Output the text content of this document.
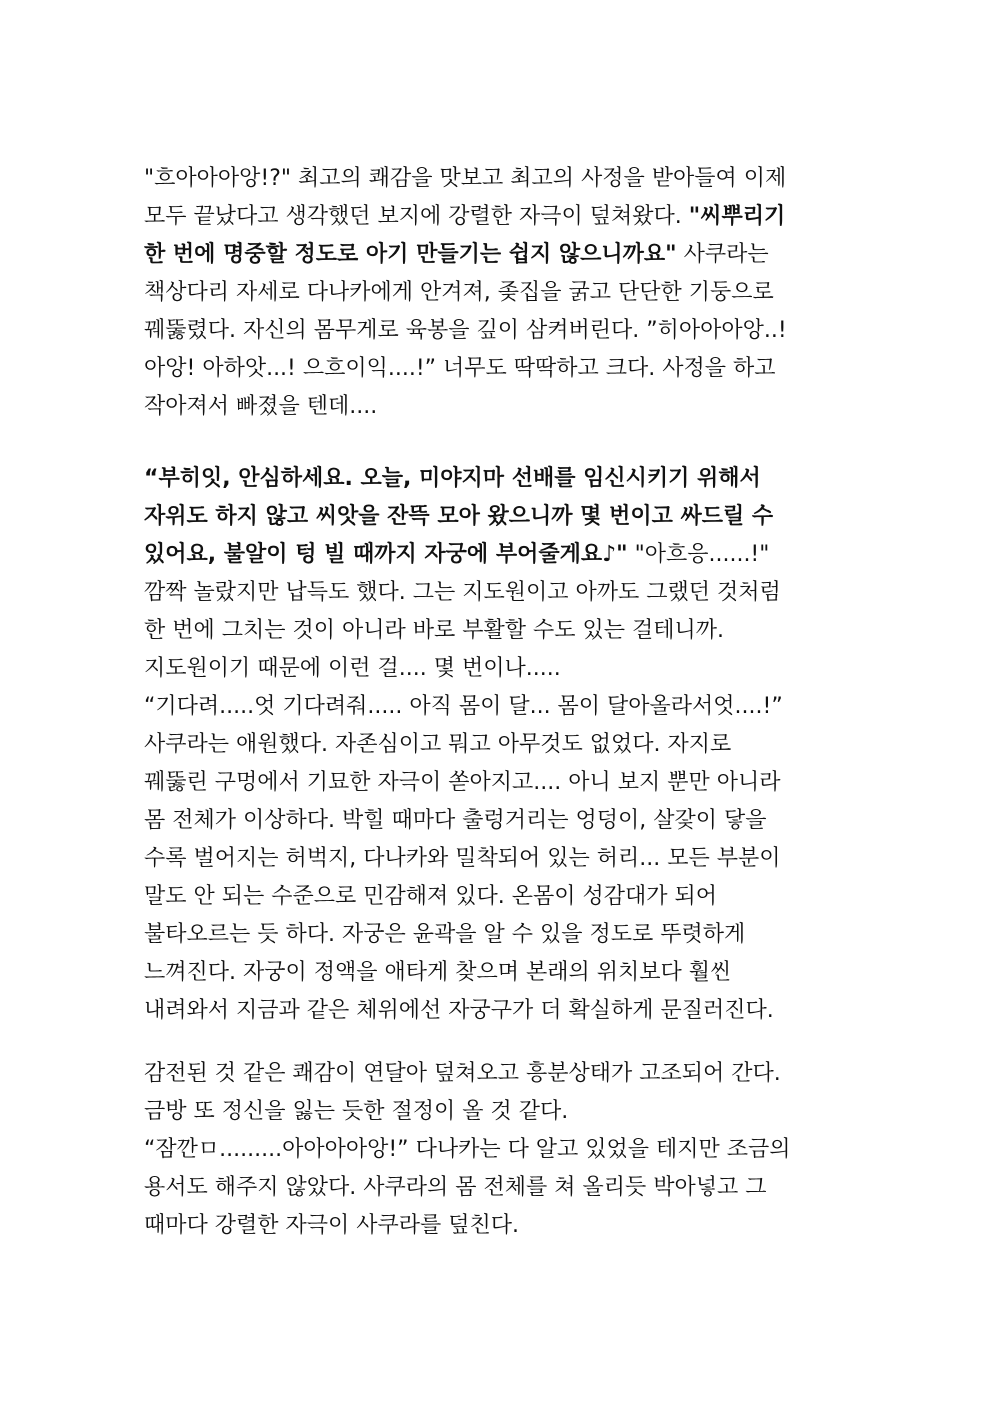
"흐아아아앙!?" 최고의 쾌감을 맛보고 최고의 사정을 받아들여 이제
모두 끝났다고 생각했던 보지에 강렬한 자극이 덮쳐왔다. "씨뿌리기
한 번에 명중할 정도로 아기 만들기는 쉽지 않으니까요" 사쿠라는
책상다리 자세로 다나카에게 안겨져, 좆집을 굵고 단단한 기둥으로
꿰뚫렸다. 자신의 몸무게로 육봉을 깊이 삼켜버린다. ”히아아아앙..!
아앙! 아하앗...! 으흐이익....!” 너무도 딱딱하고 크다. 사정을 하고
작아져서 빠졌을 텐데....
“부히잇, 안심하세요. 오늘, 미야지마 선배를 임신시키기 위해서
자위도 하지 않고 씨앗을 잔뜩 모아 왔으니까 몇 번이고 싸드릴 수
있어요, 불알이 텅 빌 때까지 자궁에 부어줄게요♪" "아흐응......!"
깜짝 놀랐지만 납득도 했다. 그는 지도원이고 아까도 그랬던 것처럼
한 번에 그치는 것이 아니라 바로 부활할 수도 있는 걸테니까.
지도원이기 때문에 이런 걸.... 몇 번이나.....
“기다려.....엇 기다려줘..... 아직 몸이 달... 몸이 달아올라서엇....!”
사쿠라는 애원했다. 자존심이고 뭐고 아무것도 없었다. 자지로
꿰뚫린 구멍에서 기묘한 자극이 쏟아지고.... 아니 보지 뿐만 아니라
몸 전체가 이상하다. 박힐 때마다 출렁거리는 엉덩이, 살갗이 닿을
수록 벌어지는 허벅지, 다나카와 밀착되어 있는 허리... 모든 부분이
말도 안 되는 수준으로 민감해져 있다. 온몸이 성감대가 되어
불타오르는 듯 하다. 자궁은 윤곽을 알 수 있을 정도로 뚜렷하게
느껴진다. 자궁이 정액을 애타게 찾으며 본래의 위치보다 훨씬
내려와서 지금과 같은 체위에선 자궁구가 더 확실하게 문질러진다.
감전된 것 같은 쾌감이 연달아 덮쳐오고 흥분상태가 고조되어 간다.
금방 또 정신을 잃는 듯한 절정이 올 것 같다.
“잠깐ㅁ.........아아아아앙!” 다나카는 다 알고 있었을 테지만 조금의
용서도 해주지 않았다. 사쿠라의 몸 전체를 쳐 올리듯 박아넣고 그
때마다 강렬한 자극이 사쿠라를 덮친다.
